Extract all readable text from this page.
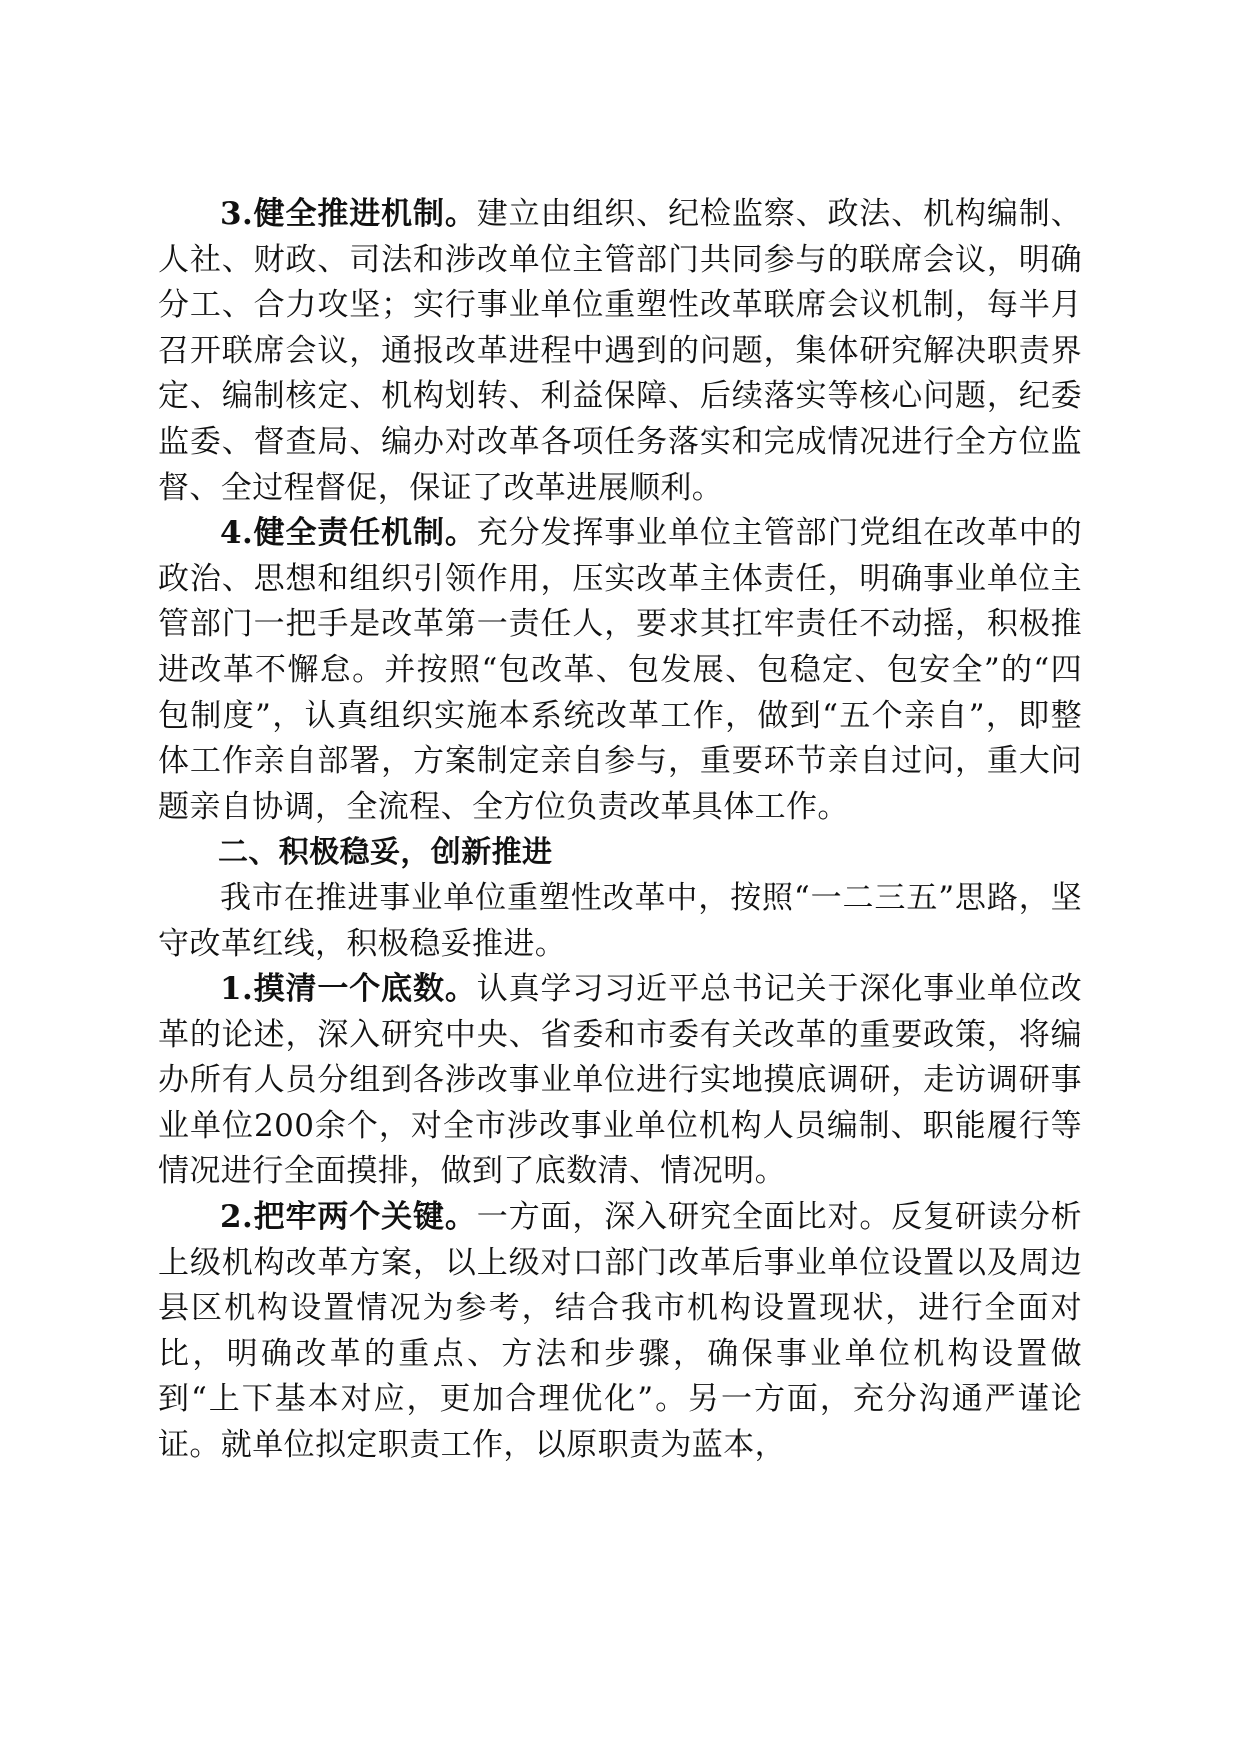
3.健全推进机制。建立由组织、纪检监察、政法、机构编制、人社、财政、司法和涉改单位主管部门共同参与的联席会议，明确分工、合力攻坚；实行事业单位重塑性改革联席会议机制，每半月召开联席会议，通报改革进程中遇到的问题，集体研究解决职责界定、编制核定、机构划转、利益保障、后续落实等核心问题，纪委监委、督查局、编办对改革各项任务落实和完成情况进行全方位监督、全过程督促，保证了改革进展顺利。

4.健全责任机制。充分发挥事业单位主管部门党组在改革中的政治、思想和组织引领作用，压实改革主体责任，明确事业单位主管部门一把手是改革第一责任人，要求其扛牢责任不动摇，积极推进改革不懈怠。并按照“包改革、包发展、包稳定、包安全”的“四包制度”，认真组织实施本系统改革工作，做到“五个亲自”，即整体工作亲自部署，方案制定亲自参与，重要环节亲自过问，重大问题亲自协调，全流程、全方位负责改革具体工作。

二、积极稳妥，创新推进

我市在推进事业单位重塑性改革中，按照“一二三五”思路，坚守改革红线，积极稳妥推进。

1.摸清一个底数。认真学习习近平总书记关于深化事业单位改革的论述，深入研究中央、省委和市委有关改革的重要政策，将编办所有人员分组到各涉改事业单位进行实地摸底调研，走访调研事业单位200余个，对全市涉改事业单位机构人员编制、职能履行等情况进行全面摸排，做到了底数清、情况明。

2.把牢两个关键。一方面，深入研究全面比对。反复研读分析上级机构改革方案，以上级对口部门改革后事业单位设置以及周边县区机构设置情况为参考，结合我市机构设置现状，进行全面对比，明确改革的重点、方法和步骤，确保事业单位机构设置做到“上下基本对应，更加合理优化”。另一方面，充分沟通严谨论证。就单位拟定职责工作，以原职责为蓝本，
